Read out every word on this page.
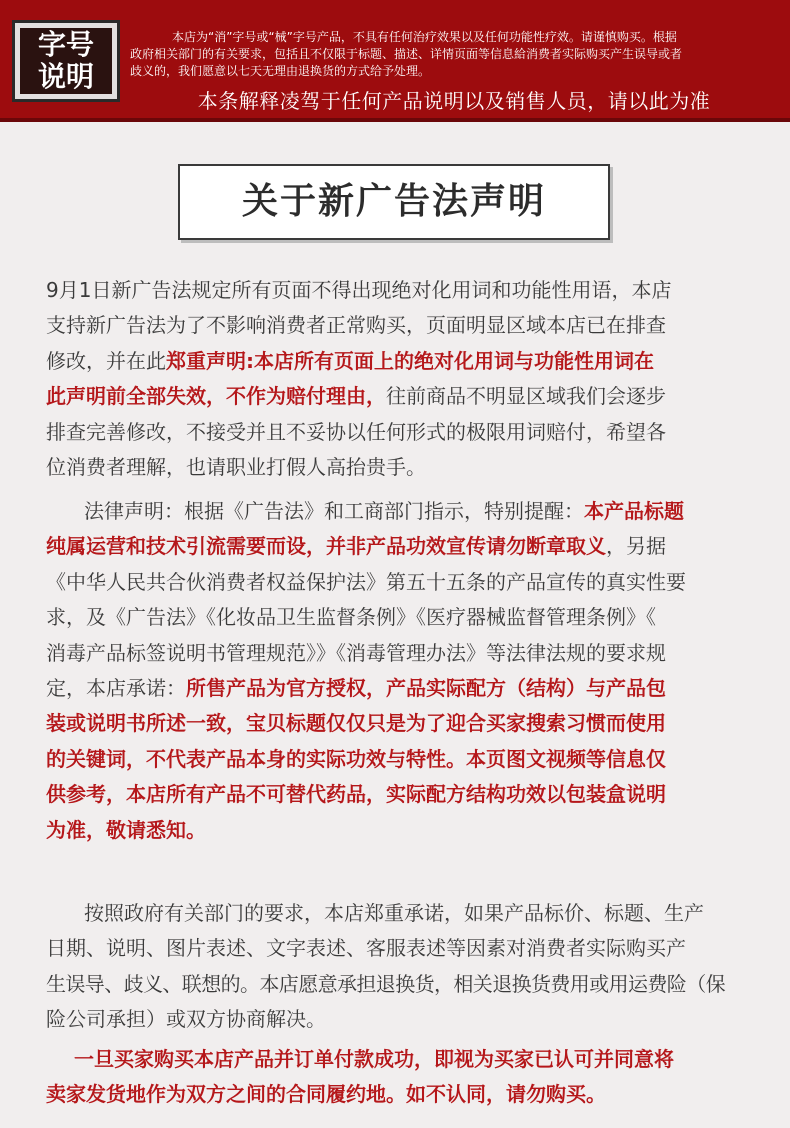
字号
说明
本店为“消”字号或“械”字号产品，不具有任何治疗效果以及任何功能性疗效。请谨慎购买。根据
政府相关部门的有关要求，包括且不仅限于标题、描述、详情页面等信息給消费者实际购买产生误导或者
歧义的，我们愿意以七天无理由退换货的方式给予处理。
本条解释凌驾于任何产品说明以及销售人员，请以此为准
关于新广告法声明
9月1日新广告法规定所有页面不得出现绝对化用词和功能性用语，本店
支持新广告法为了不影响消费者正常购买，页面明显区域本店已在排查
修改，并在此郑重声明:本店所有页面上的绝对化用词与功能性用词在
此声明前全部失效，不作为赔付理由，往前商品不明显区域我们会逐步
排查完善修改，不接受并且不妥协以任何形式的极限用词赔付，希望各
位消费者理解，也请职业打假人高抬贵手。
法律声明：根据《广告法》和工商部门指示，特别提醒：本产品标题
纯属运营和技术引流需要而设，并非产品功效宣传请勿断章取义，另据
《中华人民共合伙消费者权益保护法》第五十五条的产品宣传的真实性要
求，及《广告法》《化妆品卫生监督条例》《医疗器械监督管理条例》《
消毒产品标签说明书管理规范》》《消毒管理办法》等法律法规的要求规
定，本店承诺：所售产品为官方授权，产品实际配方（结构）与产品包
装或说明书所述一致，宝贝标题仅仅只是为了迎合买家搜索习惯而使用
的关键词，不代表产品本身的实际功效与特性。本页图文视频等信息仅
供参考，本店所有产品不可替代药品，实际配方结构功效以包装盒说明
为准，敬请悉知。
按照政府有关部门的要求，本店郑重承诺，如果产品标价、标题、生产
日期、说明、图片表述、文字表述、客服表述等因素对消费者实际购买产
生误导、歧义、联想的。本店愿意承担退换货，相关退换货费用或用运费险（保
险公司承担）或双方协商解决。
一旦买家购买本店产品并订单付款成功，即视为买家已认可并同意将
卖家发货地作为双方之间的合同履约地。如不认同，请勿购买。
